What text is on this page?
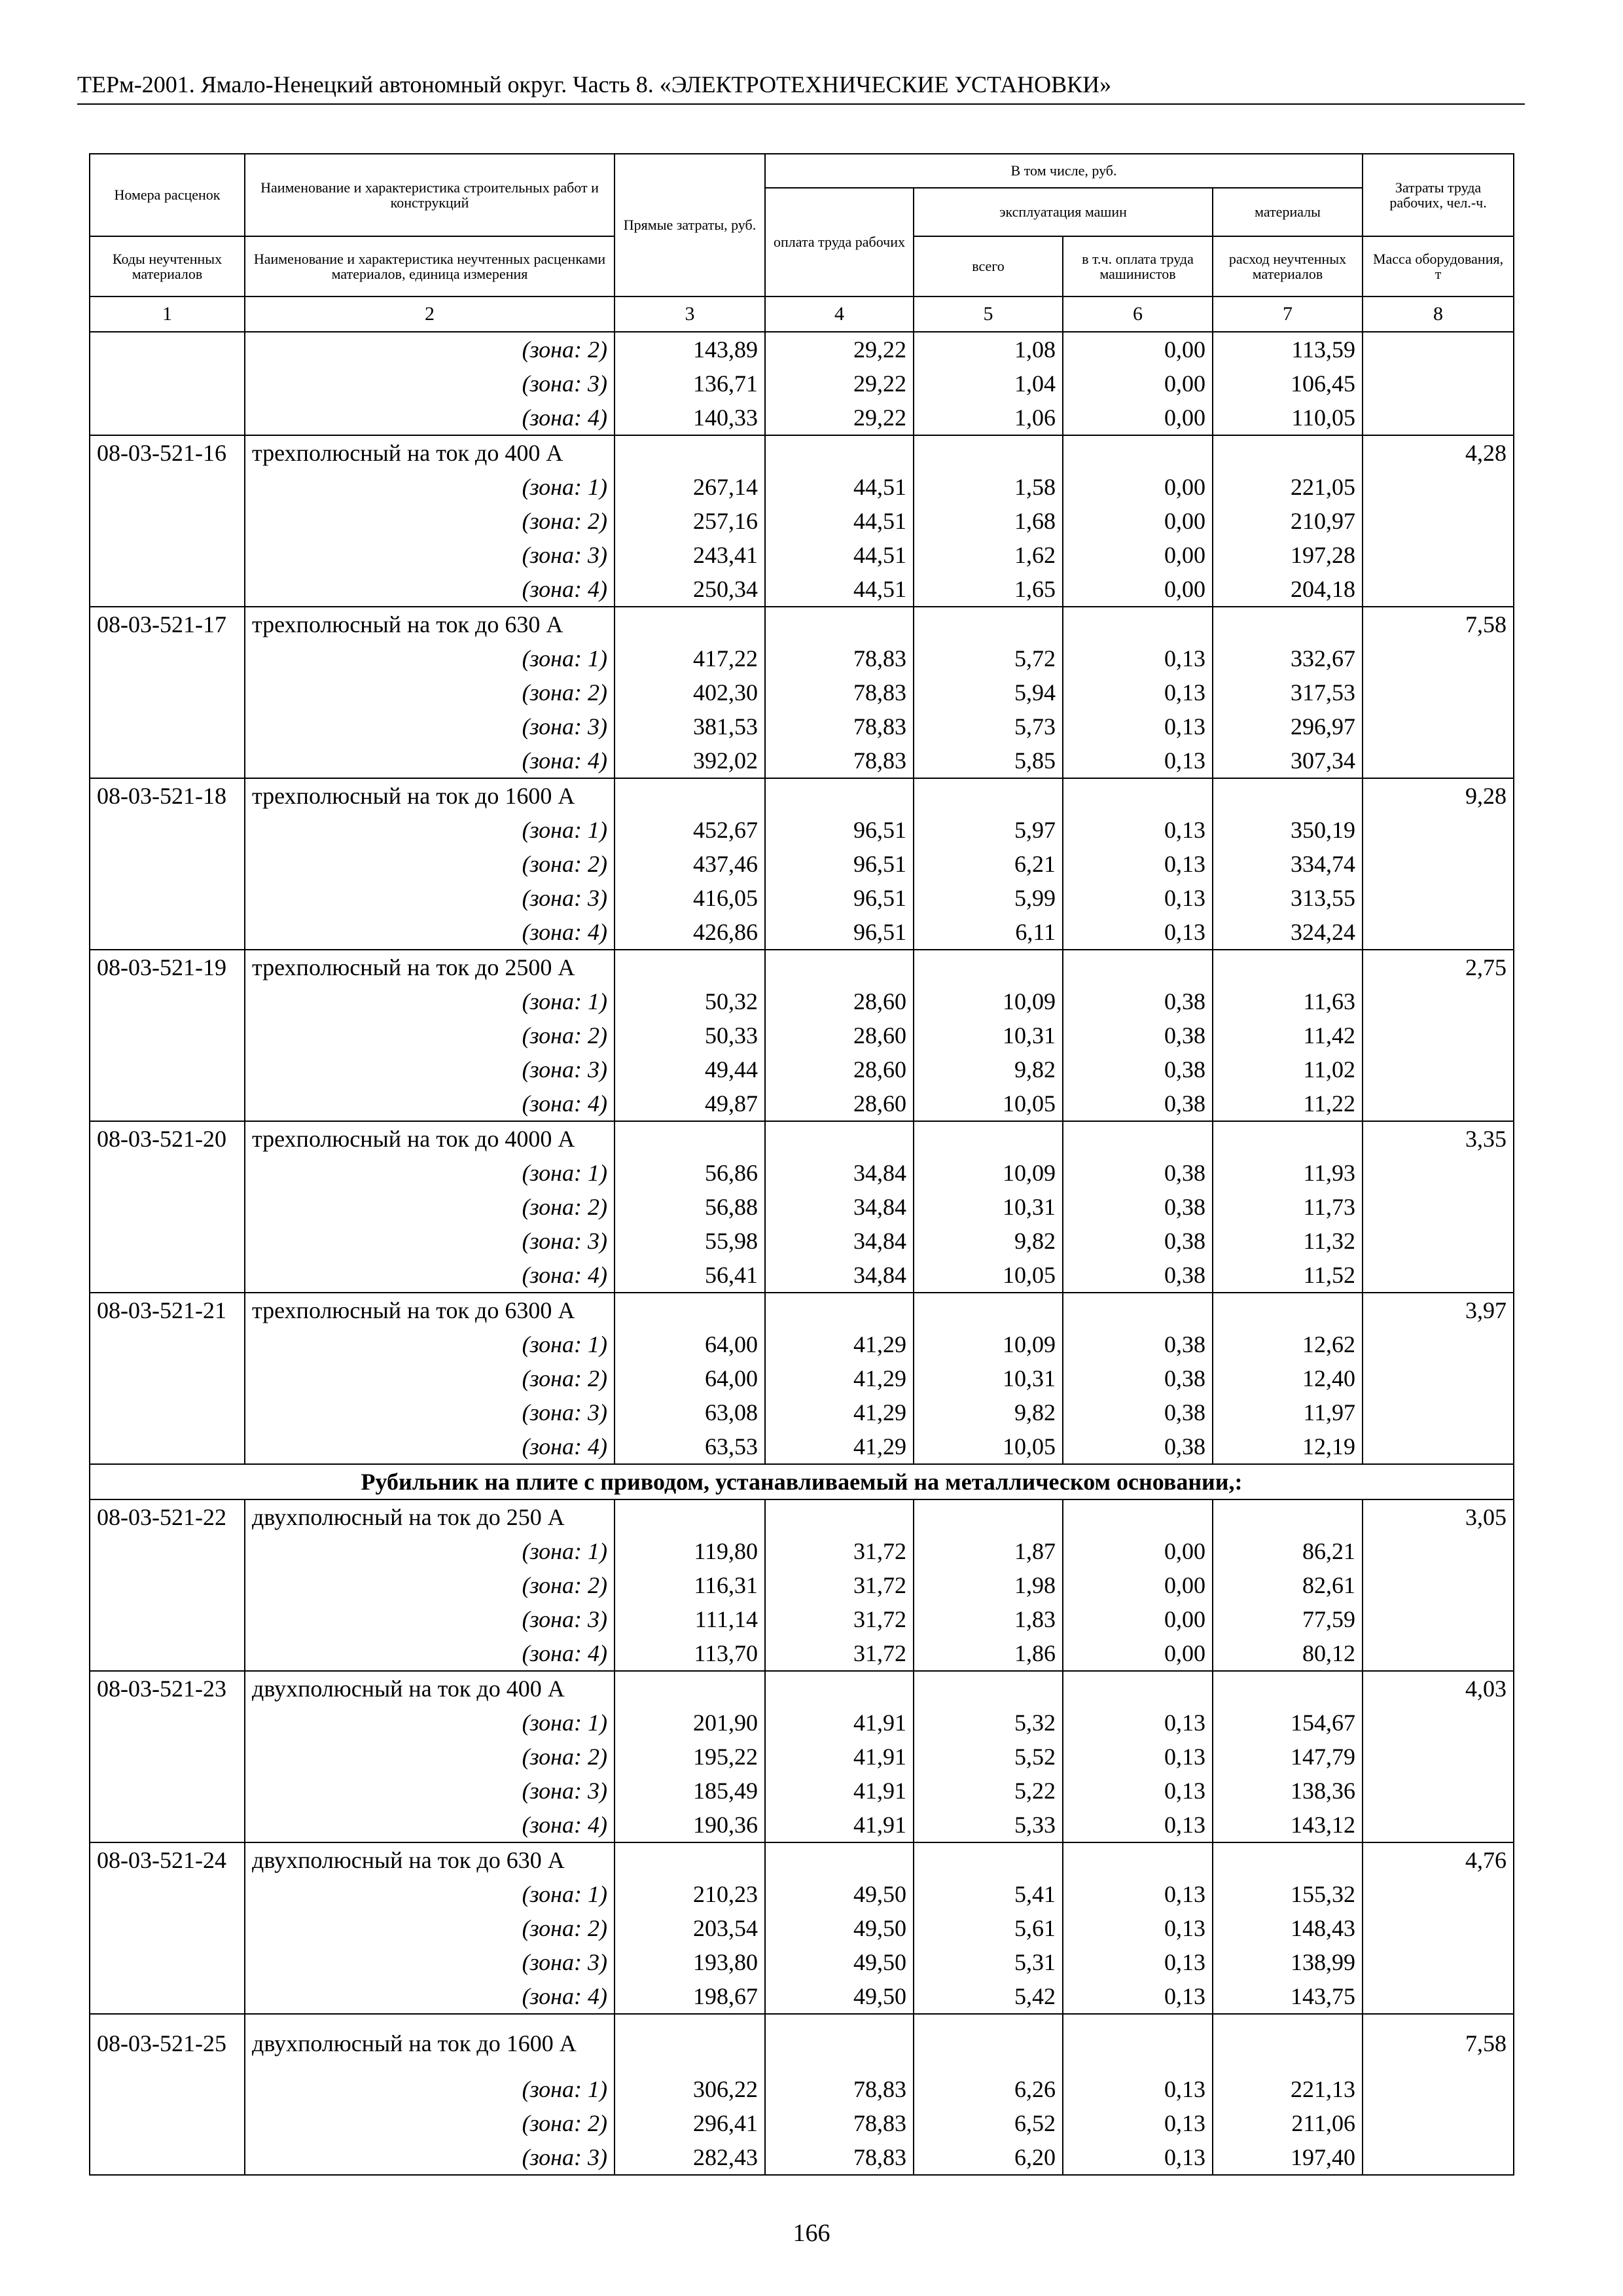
ТЕРм-2001. Ямало-Ненецкий автономный округ. Часть 8. «ЭЛЕКТРОТЕХНИЧЕСКИЕ УСТАНОВКИ»
Номера расценок	Наименование и характеристика строительных работ и конструкций	Прямые затраты, руб.	В том числе, руб.				Затраты труда рабочих, чел.-ч.
			оплата труда рабочих	эксплуатация машин		материалы	
Коды неучтенных материалов	Наименование и характеристика неучтенных расценками материалов, единица измерения			всего	в т.ч. оплата труда машинистов	расход неучтенных материалов	Масса оборудования, т
1	2	3	4	5	6	7	8
	(зона: 2)	143,89	29,22	1,08	0,00	113,59	
	(зона: 3)	136,71	29,22	1,04	0,00	106,45	
	(зона: 4)	140,33	29,22	1,06	0,00	110,05	
08-03-521-16	трехполюсный на ток до 400 А						4,28
	(зона: 1)	267,14	44,51	1,58	0,00	221,05	
	(зона: 2)	257,16	44,51	1,68	0,00	210,97	
	(зона: 3)	243,41	44,51	1,62	0,00	197,28	
	(зона: 4)	250,34	44,51	1,65	0,00	204,18	
08-03-521-17	трехполюсный на ток до 630 А						7,58
	(зона: 1)	417,22	78,83	5,72	0,13	332,67	
	(зона: 2)	402,30	78,83	5,94	0,13	317,53	
	(зона: 3)	381,53	78,83	5,73	0,13	296,97	
	(зона: 4)	392,02	78,83	5,85	0,13	307,34	
08-03-521-18	трехполюсный на ток до 1600 А						9,28
	(зона: 1)	452,67	96,51	5,97	0,13	350,19	
	(зона: 2)	437,46	96,51	6,21	0,13	334,74	
	(зона: 3)	416,05	96,51	5,99	0,13	313,55	
	(зона: 4)	426,86	96,51	6,11	0,13	324,24	
08-03-521-19	трехполюсный на ток до 2500 А						2,75
	(зона: 1)	50,32	28,60	10,09	0,38	11,63	
	(зона: 2)	50,33	28,60	10,31	0,38	11,42	
	(зона: 3)	49,44	28,60	9,82	0,38	11,02	
	(зона: 4)	49,87	28,60	10,05	0,38	11,22	
08-03-521-20	трехполюсный на ток до 4000 А						3,35
	(зона: 1)	56,86	34,84	10,09	0,38	11,93	
	(зона: 2)	56,88	34,84	10,31	0,38	11,73	
	(зона: 3)	55,98	34,84	9,82	0,38	11,32	
	(зона: 4)	56,41	34,84	10,05	0,38	11,52	
08-03-521-21	трехполюсный на ток до 6300 А						3,97
	(зона: 1)	64,00	41,29	10,09	0,38	12,62	
	(зона: 2)	64,00	41,29	10,31	0,38	12,40	
	(зона: 3)	63,08	41,29	9,82	0,38	11,97	
	(зона: 4)	63,53	41,29	10,05	0,38	12,19	
Рубильник на плите с приводом, устанавливаемый на металлическом основании,:							
08-03-521-22	двухполюсный на ток до 250 А						3,05
	(зона: 1)	119,80	31,72	1,87	0,00	86,21	
	(зона: 2)	116,31	31,72	1,98	0,00	82,61	
	(зона: 3)	111,14	31,72	1,83	0,00	77,59	
	(зона: 4)	113,70	31,72	1,86	0,00	80,12	
08-03-521-23	двухполюсный на ток до 400 А						4,03
	(зона: 1)	201,90	41,91	5,32	0,13	154,67	
	(зона: 2)	195,22	41,91	5,52	0,13	147,79	
	(зона: 3)	185,49	41,91	5,22	0,13	138,36	
	(зона: 4)	190,36	41,91	5,33	0,13	143,12	
08-03-521-24	двухполюсный на ток до 630 А						4,76
	(зона: 1)	210,23	49,50	5,41	0,13	155,32	
	(зона: 2)	203,54	49,50	5,61	0,13	148,43	
	(зона: 3)	193,80	49,50	5,31	0,13	138,99	
	(зона: 4)	198,67	49,50	5,42	0,13	143,75	
08-03-521-25	двухполюсный на ток до 1600 А						7,58
	(зона: 1)	306,22	78,83	6,26	0,13	221,13	
	(зона: 2)	296,41	78,83	6,52	0,13	211,06	
	(зона: 3)	282,43	78,83	6,20	0,13	197,40	
166
